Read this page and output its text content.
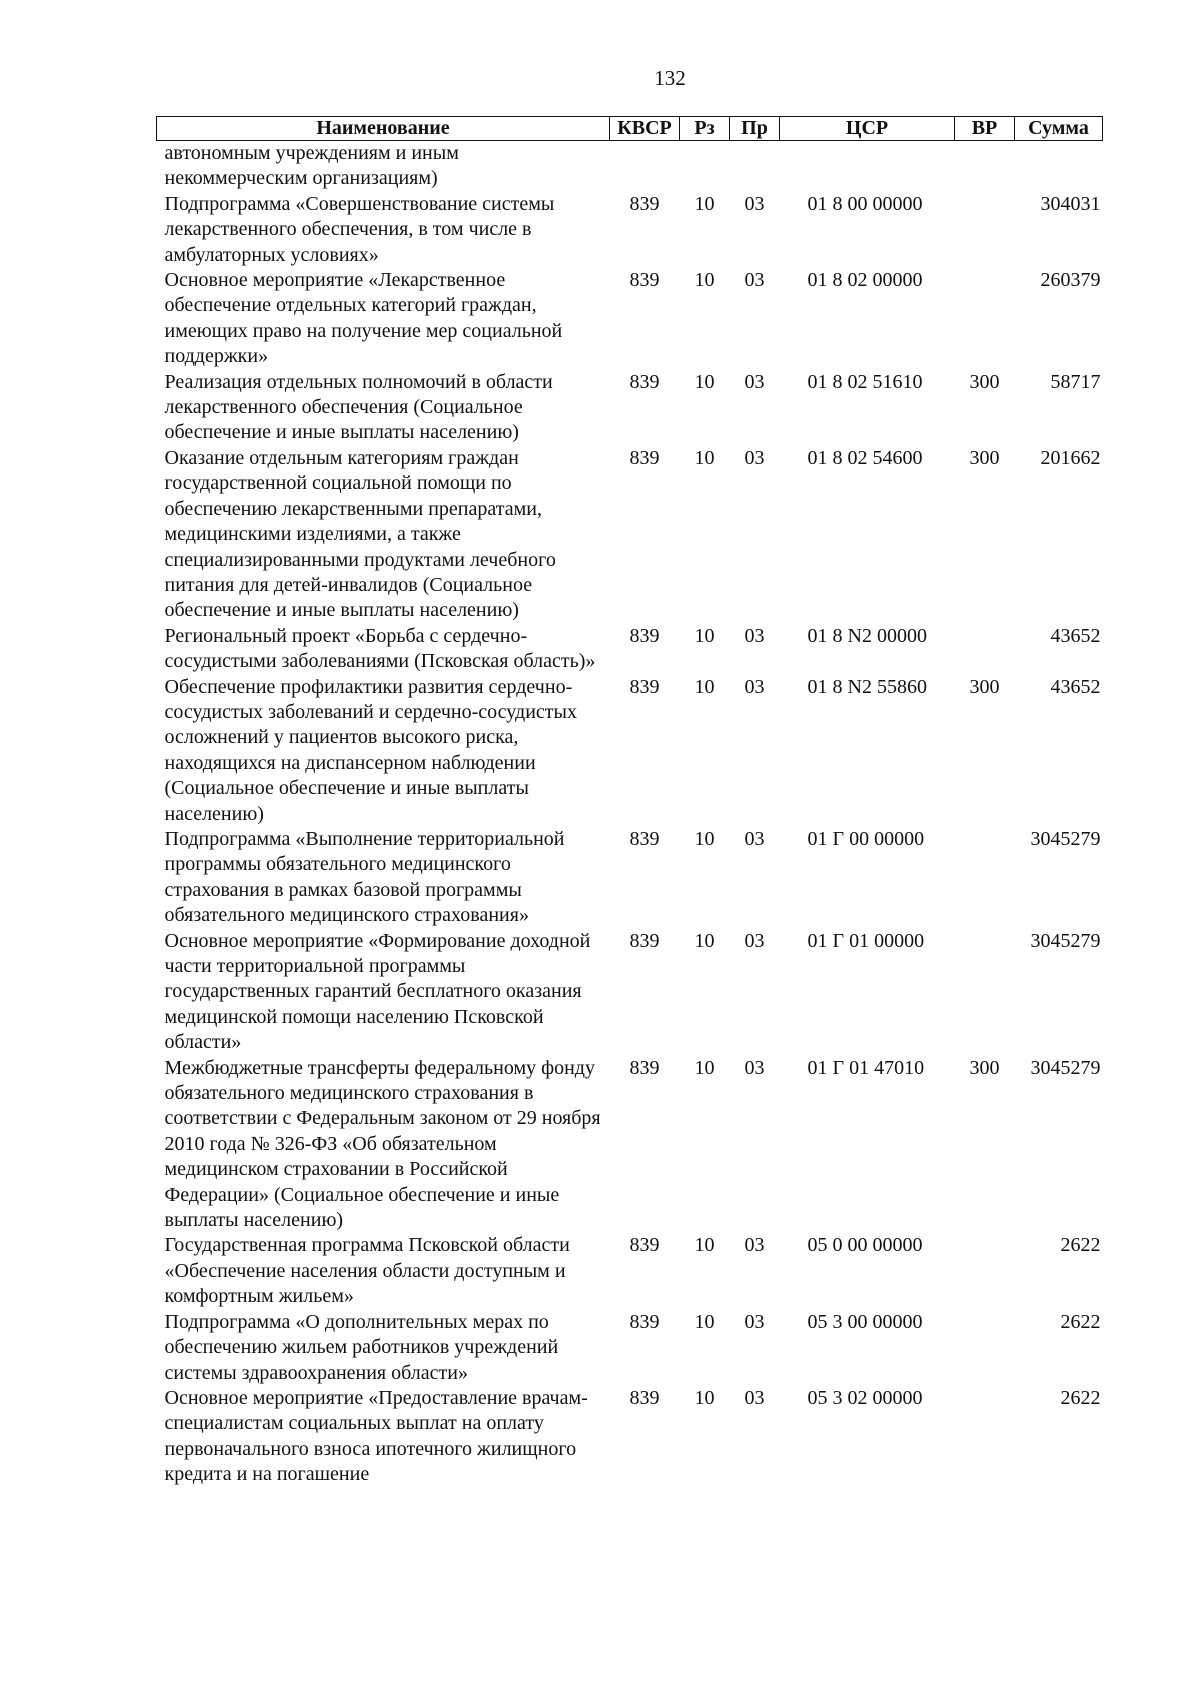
132
Наименование	КВСР	Рз	Пр	ЦСР	ВР	Сумма
автономным учреждениям и иным некоммерческим организациям)						
Подпрограмма «Совершенствование системы лекарственного обеспечения, в том числе в амбулаторных условиях»	839	10	03	01 8 00 00000		304031
Основное мероприятие «Лекарственное обеспечение отдельных категорий граждан, имеющих право на получение мер социальной поддержки»	839	10	03	01 8 02 00000		260379
Реализация отдельных полномочий в области лекарственного обеспечения (Социальное обеспечение и иные выплаты населению)	839	10	03	01 8 02 51610	300	58717
Оказание отдельным категориям граждан государственной социальной помощи по обеспечению лекарственными препаратами, медицинскими изделиями, а также специализированными продуктами лечебного питания для детей-инвалидов (Социальное обеспечение и иные выплаты населению)	839	10	03	01 8 02 54600	300	201662
Региональный проект «Борьба с сердечно-сосудистыми заболеваниями (Псковская область)»	839	10	03	01 8 N2 00000		43652
Обеспечение профилактики развития сердечно-сосудистых заболеваний и сердечно-сосудистых осложнений у пациентов высокого риска, находящихся на диспансерном наблюдении (Социальное обеспечение и иные выплаты населению)	839	10	03	01 8 N2 55860	300	43652
Подпрограмма «Выполнение территориальной программы обязательного медицинского страхования в рамках базовой программы обязательного медицинского страхования»	839	10	03	01 Г 00 00000		3045279
Основное мероприятие «Формирование доходной части территориальной программы государственных гарантий бесплатного оказания медицинской помощи населению Псковской области»	839	10	03	01 Г 01 00000		3045279
Межбюджетные трансферты федеральному фонду обязательного медицинского страхования в соответствии с Федеральным законом от 29 ноября 2010 года № 326-ФЗ «Об обязательном медицинском страховании в Российской Федерации» (Социальное обеспечение и иные выплаты населению)	839	10	03	01 Г 01 47010	300	3045279
Государственная программа Псковской области «Обеспечение населения области доступным и комфортным жильем»	839	10	03	05 0 00 00000		2622
Подпрограмма «О дополнительных мерах по обеспечению жильем работников учреждений системы здравоохранения области»	839	10	03	05 3 00 00000		2622
Основное мероприятие «Предоставление врачам-специалистам социальных выплат на оплату первоначального взноса ипотечного жилищного кредита и на погашение	839	10	03	05 3 02 00000		2622
